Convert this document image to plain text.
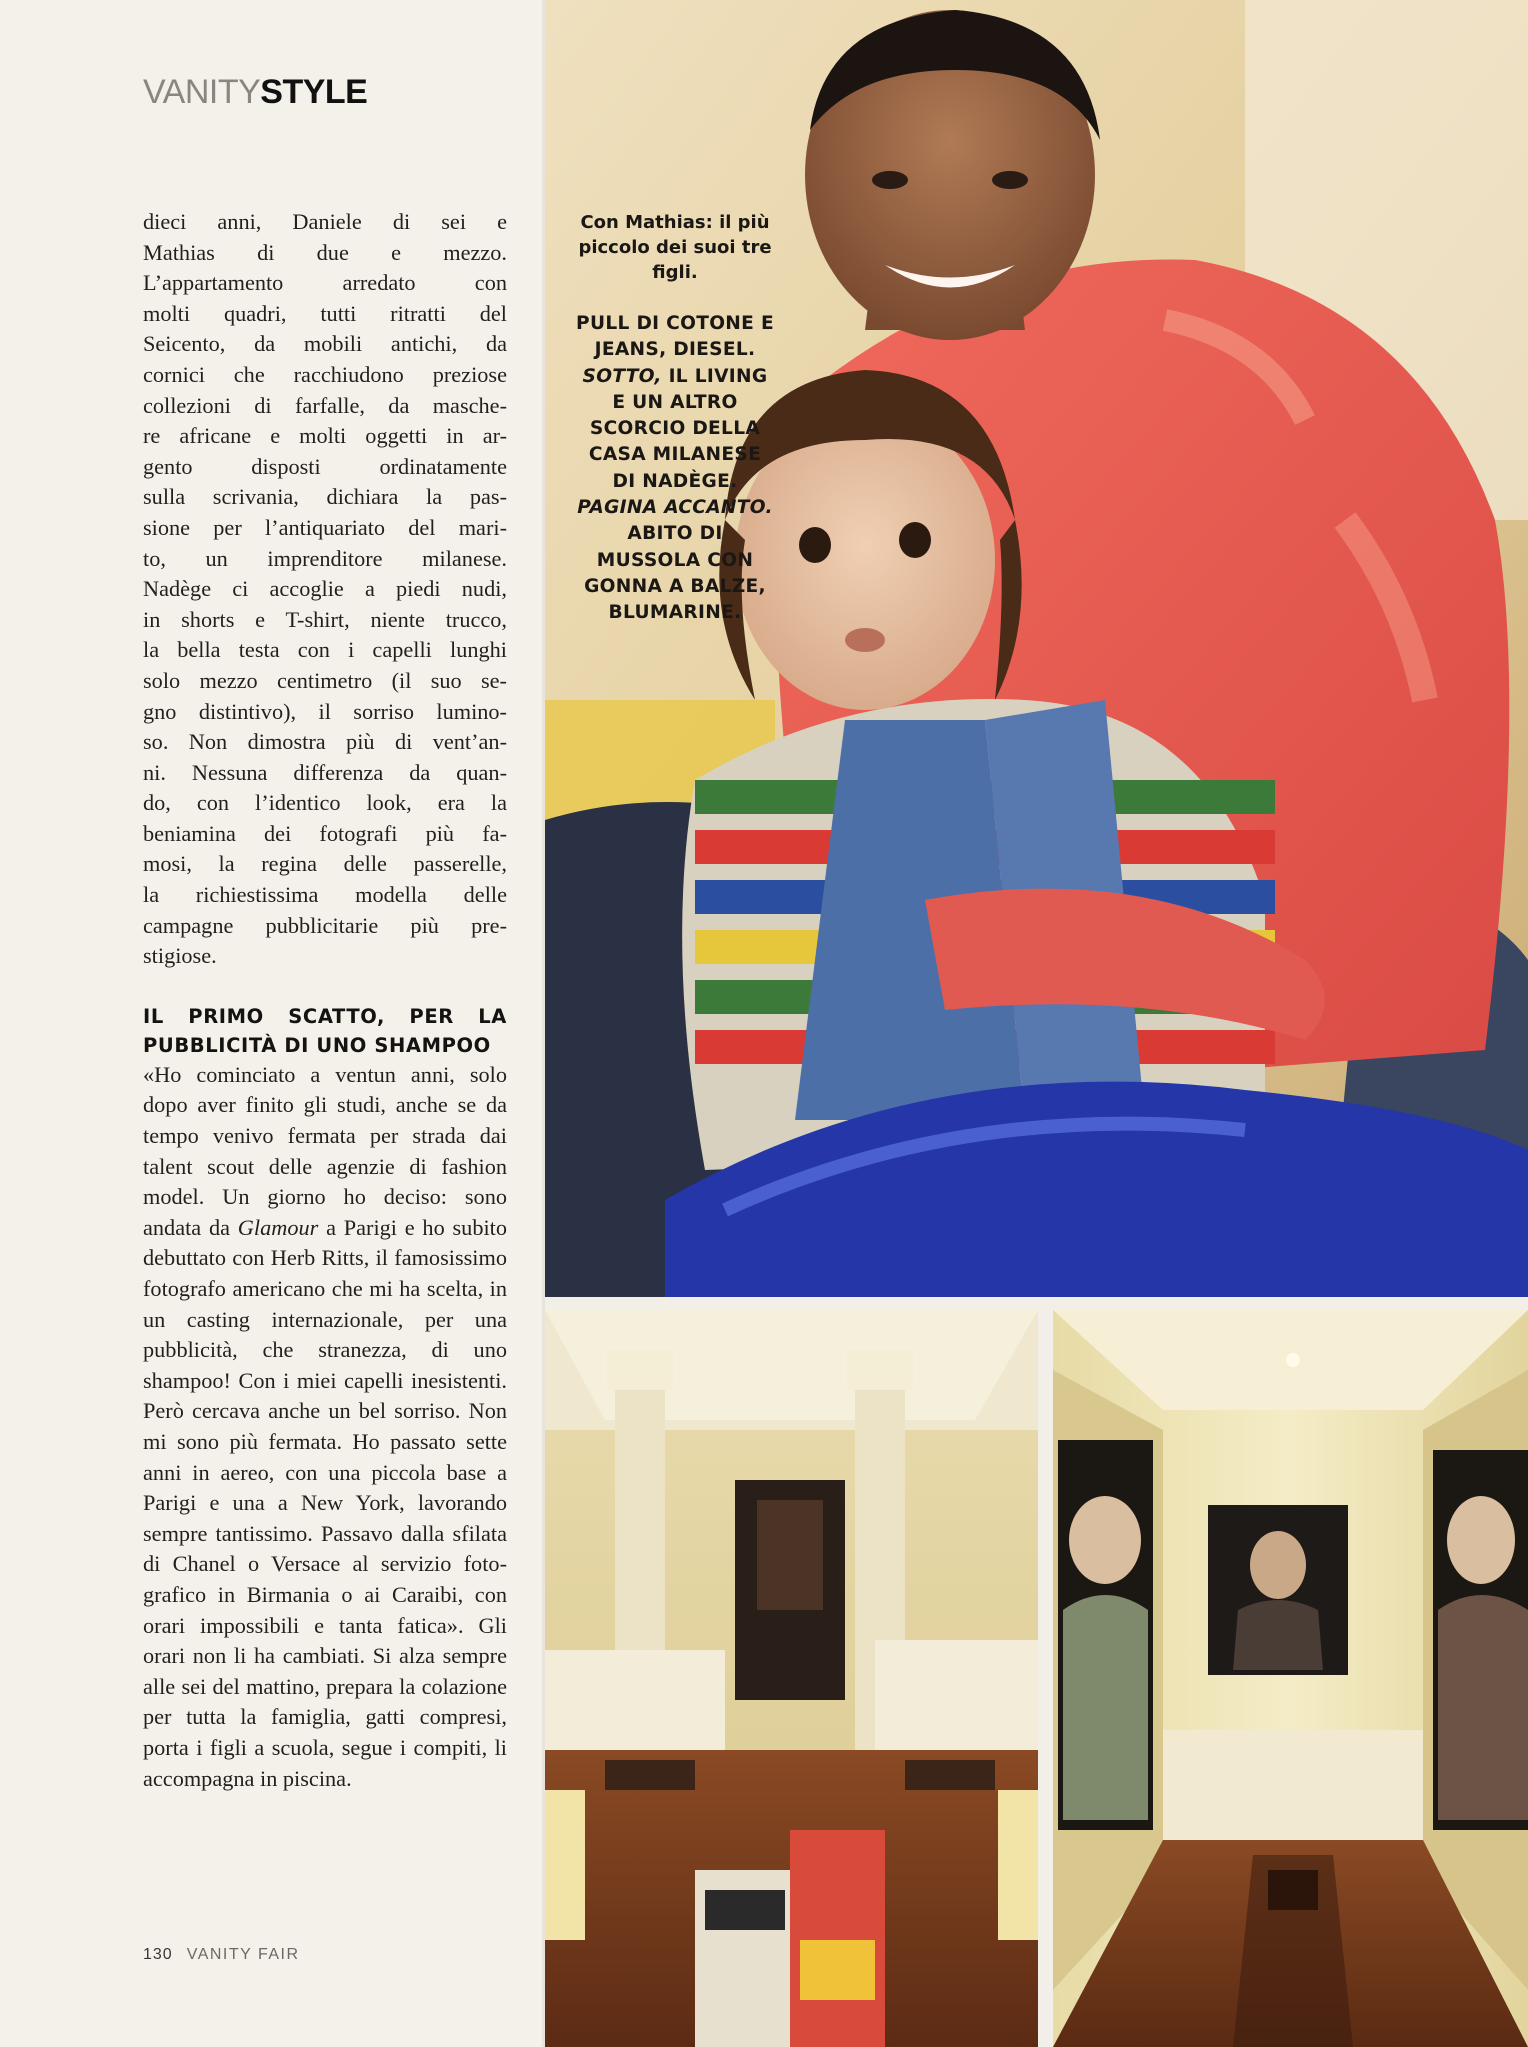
VANITYSTYLE
dieci anni, Daniele di sei e
Mathias di due e mezzo.
L’appartamento arredato con
molti quadri, tutti ritratti del
Seicento, da mobili antichi, da
cornici che racchiudono preziose
collezioni di farfalle, da masche-
re africane e molti oggetti in ar-
gento disposti ordinatamente
sulla scrivania, dichiara la pas-
sione per l’antiquariato del mari-
to, un imprenditore milanese.
Nadège ci accoglie a piedi nudi,
in shorts e T-shirt, niente trucco,
la bella testa con i capelli lunghi
solo mezzo centimetro (il suo se-
gno distintivo), il sorriso lumino-
so. Non dimostra più di vent’an-
ni. Nessuna differenza da quan-
do, con l’identico look, era la
beniamina dei fotografi più fa-
mosi, la regina delle passerelle,
la richiestissima modella delle
campagne pubblicitarie più pre-
stigiose.
IL PRIMO SCATTO, PER LA
PUBBLICITÀ DI UNO SHAMPOO

«Ho cominciato a ventun anni, solo dopo aver finito gli studi, anche se da tempo venivo fermata per strada dai talent scout delle agenzie di fashion model. Un giorno ho deciso: sono andata da Glamour a Parigi e ho subito debuttato con Herb Ritts, il famosissimo fotografo americano che mi ha scelta, in un casting internazionale, per una pubblicità, che stranezza, di uno shampoo! Con i miei capelli inesistenti. Però cercava anche un bel sorriso. Non mi sono più fermata. Ho passato sette anni in aereo, con una piccola base a Parigi e una a New York, lavorando sempre tantissimo. Passavo dalla sfilata di Chanel o Versace al servizio fotografico in Birmania o ai Caraibi, con orari impossibili e tanta fatica». Gli orari non li ha cambiati. Si alza sempre alle sei del mattino, prepara la colazione per tutta la famiglia, gatti compresi, porta i figli a scuola, segue i compiti, li accompagna in piscina.

130 VANITY FAIR

Con Mathias: il più piccolo dei suoi tre figli.

PULL DI COTONE E JEANS, DIESEL. SOTTO, IL LIVING E UN ALTRO SCORCIO DELLA CASA MILANESE DI NADÈGE. PAGINA ACCANTO. ABITO DI MUSSOLA CON GONNA A BALZE, BLUMARINE.
